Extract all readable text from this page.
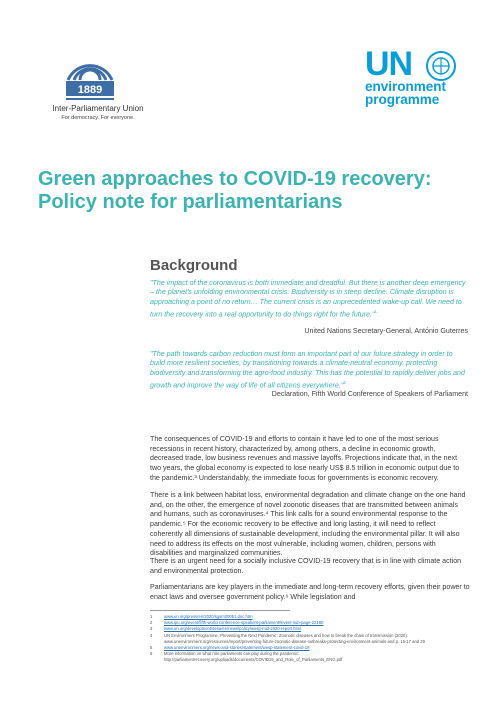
1889
Inter-Parliamentary Union
For democracy. For everyone.
UN
environment
programme
Green approaches to COVID-19 recovery:
Policy note for parliamentarians
Background
"The impact of the coronavirus is both immediate and dreadful. But there is another deep emergency – the planet's unfolding environmental crisis. Biodiversity is in steep decline. Climate disruption is approaching a point of no return… The current crisis is an unprecedented wake-up call. We need to turn the recovery into a real opportunity to do things right for the future."$^1$
United Nations Secretary-General, António Guterres
"The path towards carbon reduction must form an important part of our future strategy in order to build more resilient societies, by transitioning towards a climate-neutral economy, protecting biodiversity and transforming the agro-food industry. This has the potential to rapidly deliver jobs and growth and improve the way of life of all citizens everywhere."$^2$
Declaration, Fifth World Conference of Speakers of Parliament

The consequences of COVID-19 and efforts to contain it have led to one of the most serious recessions in recent history, characterized by, among others, a decline in economic growth, decreased trade, low business revenues and massive layoffs. Projections indicate that, in the next two years, the global economy is expected to lose nearly US$ 8.5 trillion in economic output due to the pandemic.³ Understandably, the immediate focus for governments is economic recovery.

There is a link between habitat loss, environmental degradation and climate change on the one hand and, on the other, the emergence of novel zoonotic diseases that are transmitted between animals and humans, such as coronaviruses.⁴ This link calls for a sound environmental response to the pandemic.⁵ For the economic recovery to be effective and long lasting, it will need to reflect coherently all dimensions of sustainable development, including the environmental pillar. It will also need to address its effects on the most vulnerable, including women, children, persons with disabilities and marginalized communities.

There is an urgent need for a socially inclusive COVID-19 recovery that is in line with climate action and environmental protection.

Parliamentarians are key players in the immediate and long-term recovery efforts, given their power to enact laws and oversee government policy.⁶ While legislation and

1	www.un.org/press/en/2020/sgsm20051.doc.htm
2	www.ipu.org/event/fifth-world-conference-speakers-parliament#event-sub-page-22180
3	www.un.org/development/desa/en/news/policy/wesp-mid-2020-report.html
4	UN Environment Programme, Preventing the Next Pandemic: Zoonotic diseases and how to break the chain of transmission (2020): www.unenvironment.org/resources/report/preventing-future-zoonotic-disease-outbreaks-protecting-environment-animals-and p. 15-17 and 29
5	www.unenvironment.org/news-and-stories/statement/wesp-statement-covid-19
6	More information on what role parliaments can play during the pandemic: http://parliamentrecovery.org/uploads/documents/COVID19_and_Role_of_Parliaments_ENG.pdf
